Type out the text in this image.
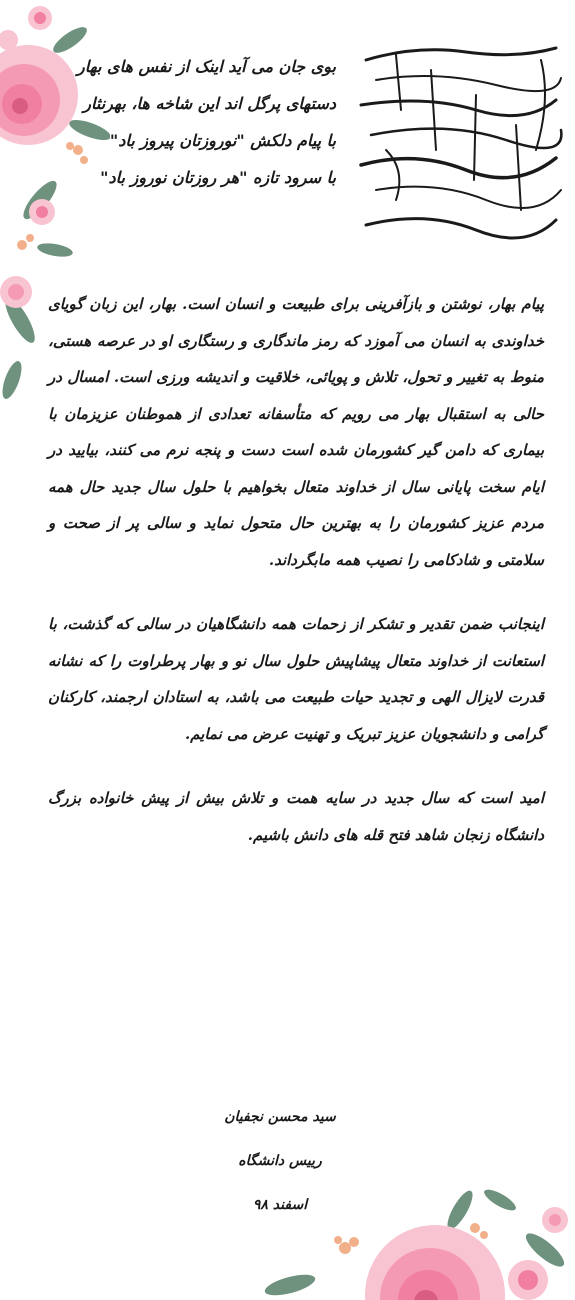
بوی جان می آید اینک از نفس های بهار
دستهای پرگل اند این شاخه ها، بهرنثار
با پیام دلکش "نوروزتان پیروز باد"
با سرود تازه "هر روزتان نوروز باد"

پیام بهار، نوشتن و بازآفرینی برای طبیعت و انسان است. بهار، این زبان گویای خداوندی به انسان می آموزد که رمز ماندگاری و رستگاری او در عرصه هستی، منوط به تغییر و تحول، تلاش و پویائی، خلاقیت و اندیشه ورزی است. امسال در حالی به استقبال بهار می رویم که متأسفانه تعدادی از هموطنان عزیزمان با بیماری که دامن گیر کشورمان شده است دست و پنجه نرم می کنند، بیایید در ایام سخت پایانی سال از خداوند متعال بخواهیم با حلول سال جدید حال همه مردم عزیز کشورمان را به بهترین حال متحول نماید و سالی پر از صحت و سلامتی و شادکامی را نصیب همه مابگرداند.

اینجانب ضمن تقدیر و تشکر از زحمات همه دانشگاهیان در سالی که گذشت، با استعانت از خداوند متعال پیشاپیش حلول سال نو و بهار پرطراوت را که نشانه قدرت لایزال الهی و تجدید حیات طبیعت می باشد، به استادان ارجمند، کارکنان گرامی و دانشجویان عزیز تبریک و تهنیت عرض می نمایم.

امید است که سال جدید در سایه همت و تلاش بیش از پیش خانواده بزرگ دانشگاه زنجان شاهد فتح قله های دانش باشیم.

سید محسن نجفیان
رییس دانشگاه
اسفند ۹۸
